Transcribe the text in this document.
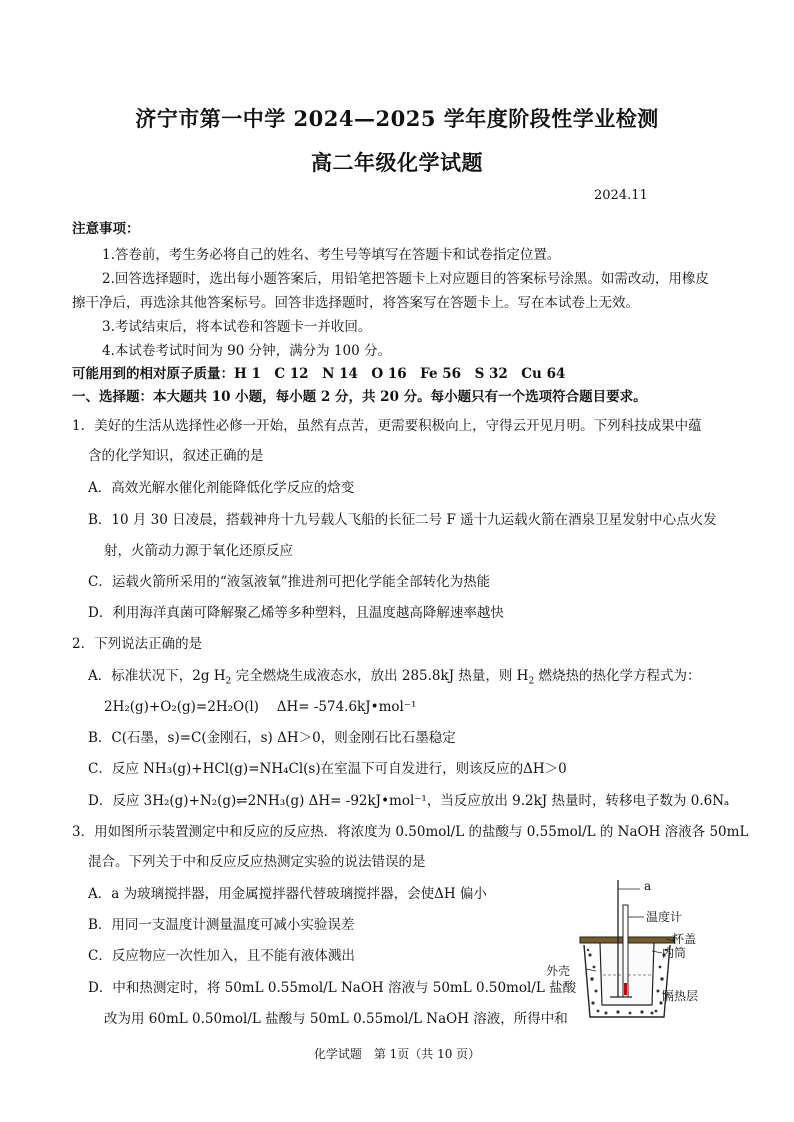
济宁市第一中学 2024—2025 学年度阶段性学业检测
高二年级化学试题
2024.11
注意事项：
1.答卷前，考生务必将自己的姓名、考生号等填写在答题卡和试卷指定位置。
2.回答选择题时，选出每小题答案后，用铅笔把答题卡上对应题目的答案标号涂黑。如需改动，用橡皮
擦干净后，再选涂其他答案标号。回答非选择题时，将答案写在答题卡上。写在本试卷上无效。
3.考试结束后，将本试卷和答题卡一并收回。
4.本试卷考试时间为 90 分钟，满分为 100 分。
可能用到的相对原子质量：H 1　C 12　N 14　O 16　Fe 56　S 32　Cu 64
一、选择题：本大题共 10 小题，每小题 2 分，共 20 分。每小题只有一个选项符合题目要求。
1．美好的生活从选择性必修一开始，虽然有点苦，更需要积极向上，守得云开见月明。下列科技成果中蕴
含的化学知识，叙述正确的是
A．高效光解水催化剂能降低化学反应的焓变
B．10 月 30 日凌晨，搭载神舟十九号载人飞船的长征二号 F 遥十九运载火箭在酒泉卫星发射中心点火发
射，火箭动力源于氧化还原反应
C．运载火箭所采用的“液氢液氧”推进剂可把化学能全部转化为热能
D．利用海洋真菌可降解聚乙烯等多种塑料，且温度越高降解速率越快
2．下列说法正确的是
A．标准状况下，2g $H_2$ 完全燃烧生成液态水，放出 285.8kJ 热量，则 $H_2$ 燃烧热的热化学方程式为：
2H₂(g)+O₂(g)=2H₂O(l)　 ΔH= -574.6kJ•mol⁻¹
B．C(石墨，s)=C(金刚石，s) ΔH＞0，则金刚石比石墨稳定
C．反应 NH₃(g)+HCl(g)=NH₄Cl(s)在室温下可自发进行，则该反应的ΔH＞0
D．反应 3H₂(g)+N₂(g)⇌2NH₃(g) ΔH= -92kJ•mol⁻¹，当反应放出 9.2kJ 热量时，转移电子数为 0.6Nₐ
3．用如图所示装置测定中和反应的反应热．将浓度为 0.50mol/L 的盐酸与 0.55mol/L 的 NaOH 溶液各 50mL
混合。下列关于中和反应反应热测定实验的说法错误的是
A．a 为玻璃搅拌器，用金属搅拌器代替玻璃搅拌器，会使ΔH 偏小
B．用同一支温度计测量温度可减小实验误差
C．反应物应一次性加入，且不能有液体溅出
D．中和热测定时，将 50mL 0.55mol/L NaOH 溶液与 50mL 0.50mol/L 盐酸
改为用 60mL 0.50mol/L 盐酸与 50mL 0.55mol/L NaOH 溶液，所得中和
a
温度计
杯盖
内筒
外壳
隔热层
化学试题　第 1页（共 10 页）
